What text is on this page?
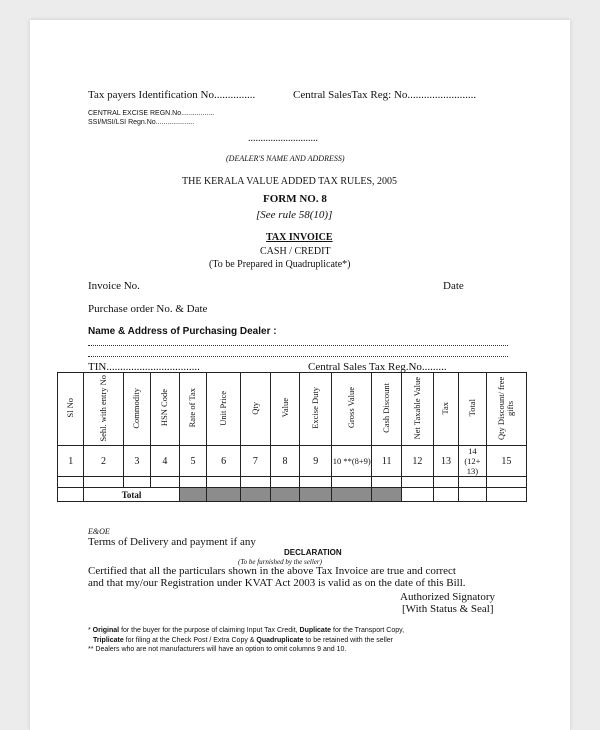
Tax payers Identification No...............	Central SalesTax Reg: No.........................
CENTRAL EXCISE REGN.No.................
SSI/MSI/LSI Regn.No....................
............................
(DEALER'S NAME AND ADDRESS)
THE KERALA VALUE ADDED TAX RULES, 2005
FORM NO. 8
[See rule 58(10)]
TAX INVOICE
CASH / CREDIT
(To be Prepared in Quadruplicate*)
Invoice No.	Date
Purchase order No. & Date
Name & Address of Purchasing Dealer :
TIN..................................	Central Sales Tax Reg.No.........
Sl No	Sehl. with entry No	Commodity	HSN Code	Rate of Tax	Unit Price	Qty	Value	Excise Duty	Gross Value	Cash Discount	Net Taxable Value	Tax	Total	Qty Discount/ free gifts
1	2	3	4	5	6	7	8	9	10 **(8+9)	11	12	13	14 (12+ 13)	15

	Total													
E&OE
Terms of Delivery and payment if any
DECLARATION
(To be furnished by the seller)
Certified that all the particulars shown in the above Tax Invoice are true and correct
and that my/our Registration under KVAT Act 2003 is valid as on the date of this Bill.
Authorized Signatory
[With Status & Seal]
* Original for the buyer for the purpose of claiming Input Tax Credit, Duplicate for the Transport Copy,
Triplicate for filing at the Check Post / Extra Copy & Quadruplicate to be retained with the seller
** Dealers who are not manufacturers will have an option to omit columns 9 and 10.
